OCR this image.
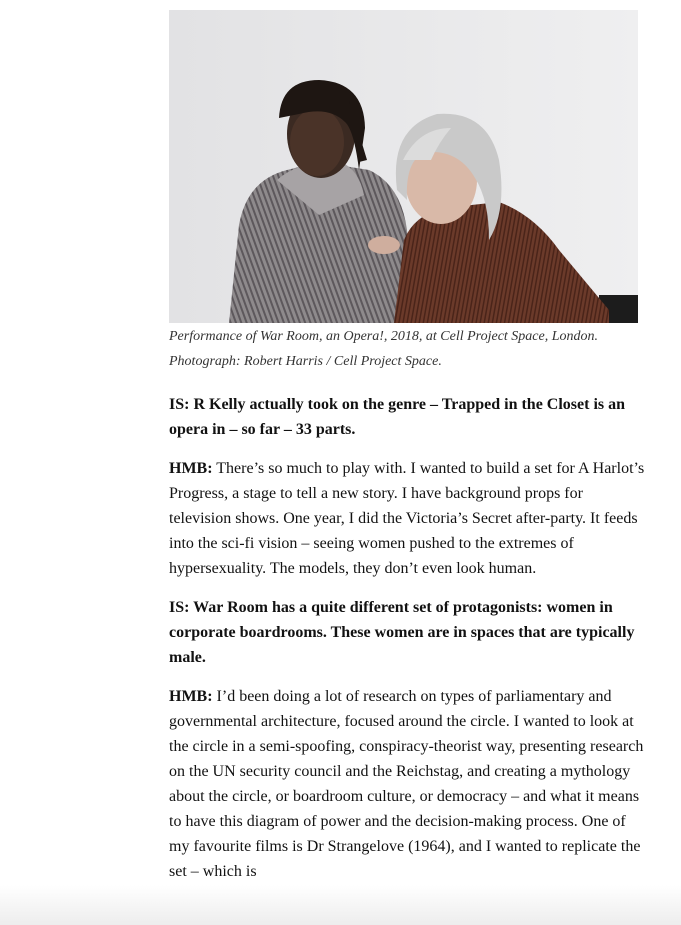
Performance of War Room, an Opera!, 2018, at Cell Project Space, London.
Photograph: Robert Harris / Cell Project Space.

IS: R Kelly actually took on the genre – Trapped in the Closet is an opera in – so far – 33 parts.

HMB: There’s so much to play with. I wanted to build a set for A Harlot’s Progress, a stage to tell a new story. I have background props for television shows. One year, I did the Victoria’s Secret after-party. It feeds into the sci-fi vision – seeing women pushed to the extremes of hypersexuality. The models, they don’t even look human.

IS: War Room has a quite different set of protagonists: women in corporate boardrooms. These women are in spaces that are typically male.

HMB: I’d been doing a lot of research on types of parliamentary and governmental architecture, focused around the circle. I wanted to look at the circle in a semi-spoofing, conspiracy-theorist way, presenting research on the UN security council and the Reichstag, and creating a mythology about the circle, or boardroom culture, or democracy – and what it means to have this diagram of power and the decision-making process. One of my favourite films is Dr Strangelove (1964), and I wanted to replicate the set – which is
